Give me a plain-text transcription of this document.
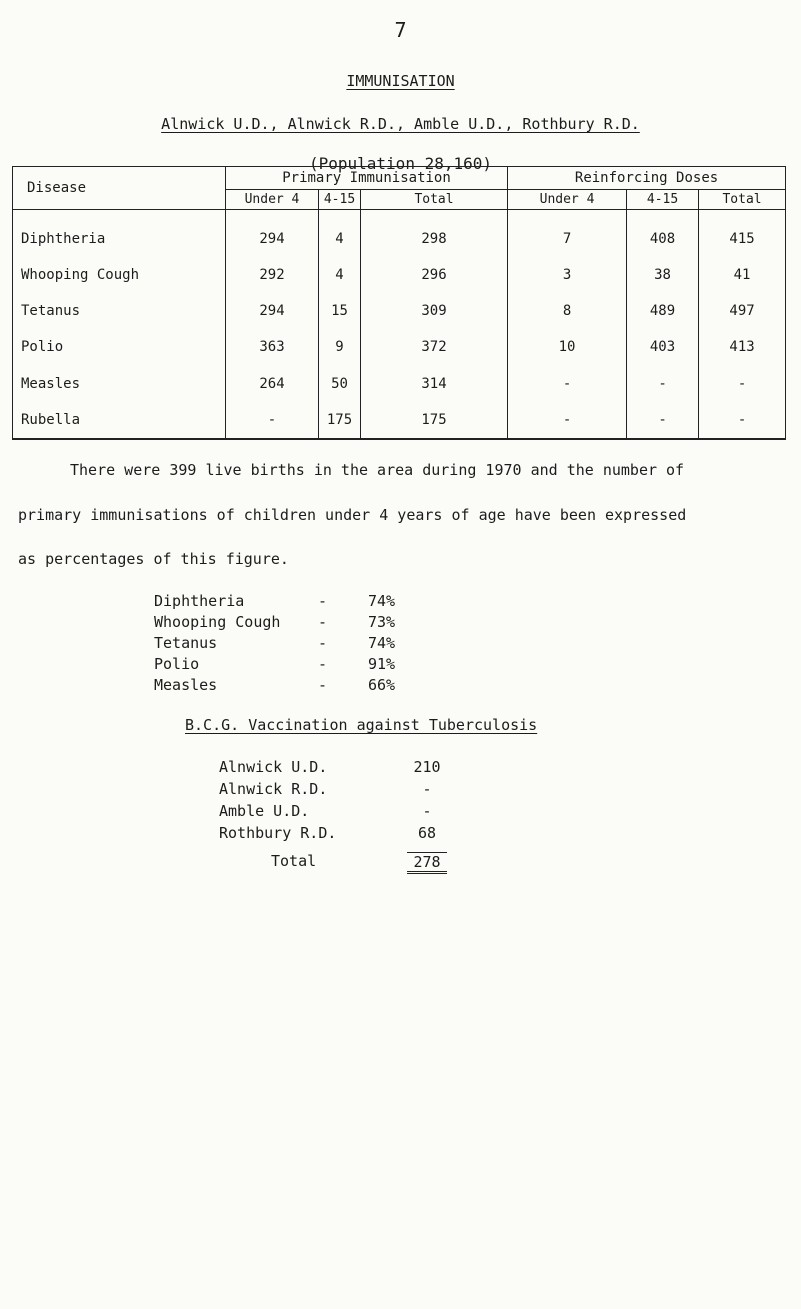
7
IMMUNISATION
Alnwick U.D., Alnwick R.D., Amble U.D., Rothbury R.D.
(Population 28,160)
Disease	Primary Immunisation			Reinforcing Doses		
	Under 4	4-15	Total	Under 4	4-15	Total
Diphtheria	294	4	298	7	408	415
Whooping Cough	292	4	296	3	38	41
Tetanus	294	15	309	8	489	497
Polio	363	9	372	10	403	413
Measles	264	50	314	-	-	-
Rubella	-	175	175	-	-	-
There were 399 live births in the area during 1970 and the number of
primary immunisations of children under 4 years of age have been expressed
as percentages of this figure.
Diphtheria	-	74%
Whooping Cough	-	73%
Tetanus	-	74%
Polio	-	91%
Measles	-	66%
B.C.G. Vaccination against Tuberculosis
Alnwick U.D.	210
Alnwick R.D.	-
Amble U.D.	-
Rothbury R.D.	68
Total	278
